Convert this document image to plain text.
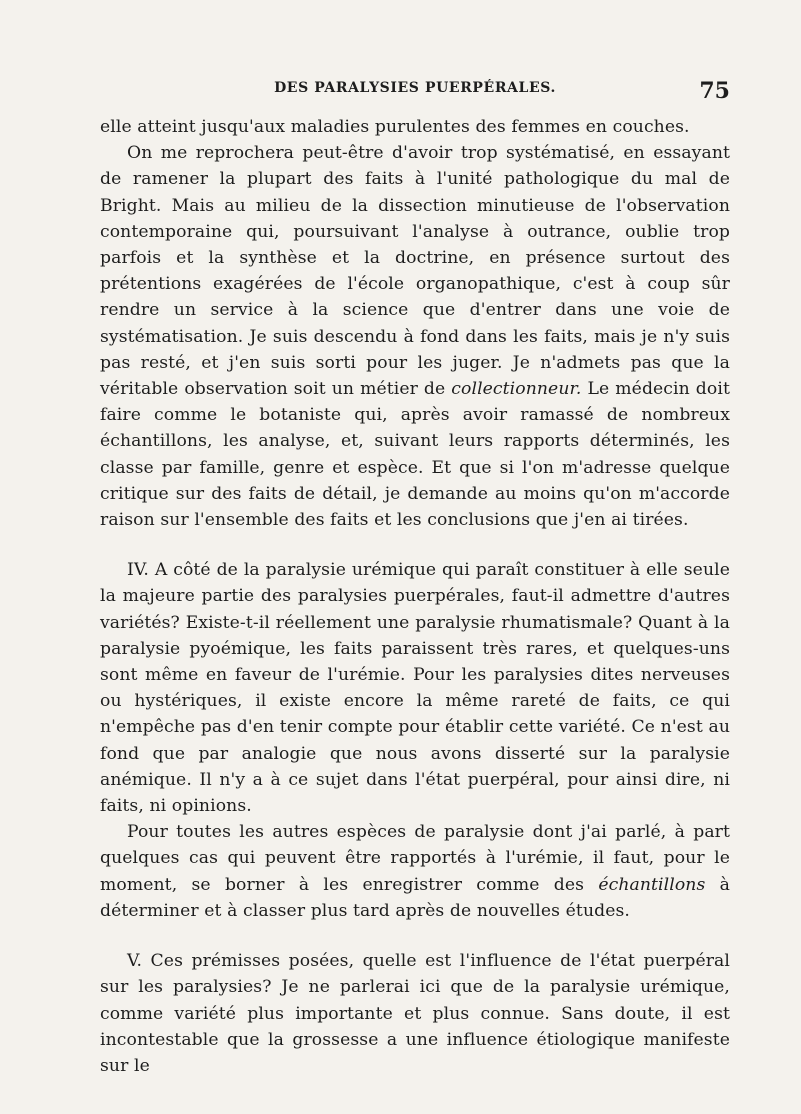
DES PARALYSIES PUERPÉRALES.	75

elle atteint jusqu'aux maladies purulentes des femmes en couches.

On me reprochera peut-être d'avoir trop systématisé, en essayant de ramener la plupart des faits à l'unité pathologique du mal de Bright. Mais au milieu de la dissection minutieuse de l'observation contemporaine qui, poursuivant l'analyse à outrance, oublie trop parfois et la synthèse et la doctrine, en présence surtout des prétentions exagérées de l'école organopathique, c'est à coup sûr rendre un service à la science que d'entrer dans une voie de systématisation. Je suis descendu à fond dans les faits, mais je n'y suis pas resté, et j'en suis sorti pour les juger. Je n'admets pas que la véritable observation soit un métier de collectionneur. Le médecin doit faire comme le botaniste qui, après avoir ramassé de nombreux échantillons, les analyse, et, suivant leurs rapports déterminés, les classe par famille, genre et espèce. Et que si l'on m'adresse quelque critique sur des faits de détail, je demande au moins qu'on m'accorde raison sur l'ensemble des faits et les conclusions que j'en ai tirées.

IV. A côté de la paralysie urémique qui paraît constituer à elle seule la majeure partie des paralysies puerpérales, faut-il admettre d'autres variétés? Existe-t-il réellement une paralysie rhumatismale? Quant à la paralysie pyoémique, les faits paraissent très rares, et quelques-uns sont même en faveur de l'urémie. Pour les paralysies dites nerveuses ou hystériques, il existe encore la même rareté de faits, ce qui n'empêche pas d'en tenir compte pour établir cette variété. Ce n'est au fond que par analogie que nous avons disserté sur la paralysie anémique. Il n'y a à ce sujet dans l'état puerpéral, pour ainsi dire, ni faits, ni opinions.

Pour toutes les autres espèces de paralysie dont j'ai parlé, à part quelques cas qui peuvent être rapportés à l'urémie, il faut, pour le moment, se borner à les enregistrer comme des échantillons à déterminer et à classer plus tard après de nouvelles études.

V. Ces prémisses posées, quelle est l'influence de l'état puerpéral sur les paralysies? Je ne parlerai ici que de la paralysie urémique, comme variété plus importante et plus connue. Sans doute, il est incontestable que la grossesse a une influence étiologique manifeste sur le
